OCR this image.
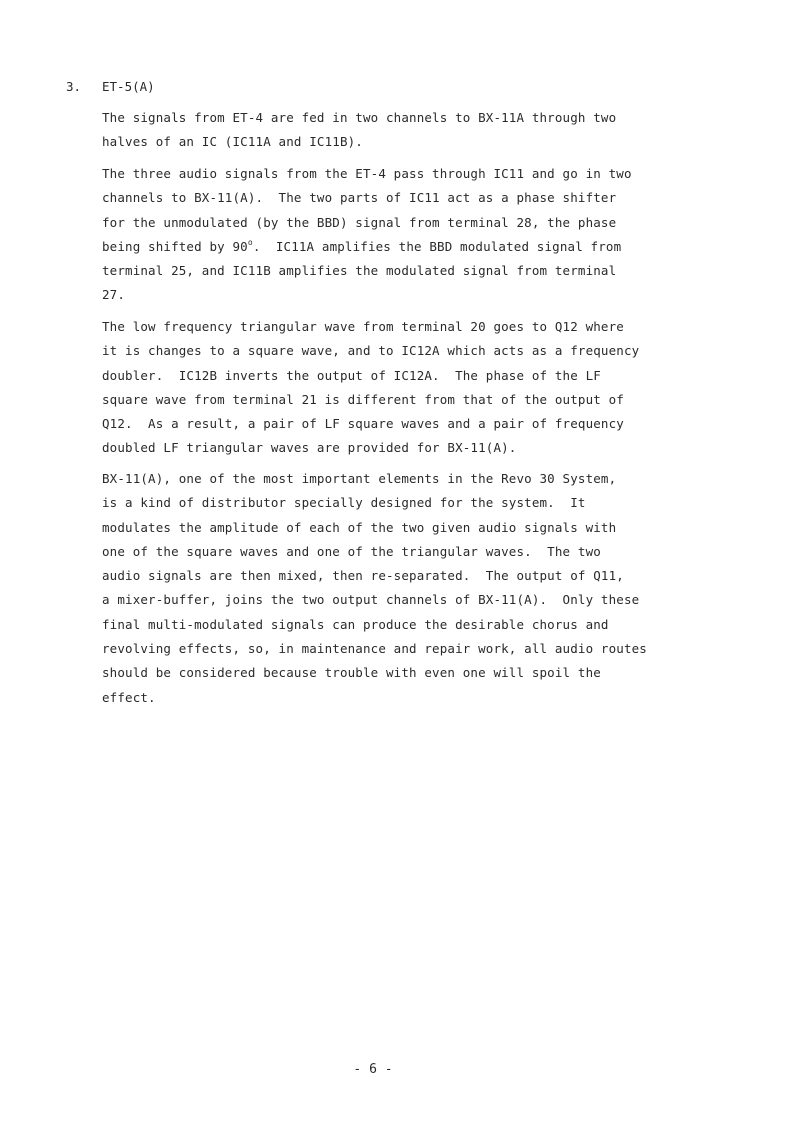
3. ET-5(A)
The signals from ET-4 are fed in two channels to BX-11A through two
halves of an IC (IC11A and IC11B).
The three audio signals from the ET-4 pass through IC11 and go in two
channels to BX-11(A).  The two parts of IC11 act as a phase shifter
for the unmodulated (by the BBD) signal from terminal 28, the phase
being shifted by 90$^o$.  IC11A amplifies the BBD modulated signal from
terminal 25, and IC11B amplifies the modulated signal from terminal
27.
The low frequency triangular wave from terminal 20 goes to Q12 where
it is changes to a square wave, and to IC12A which acts as a frequency
doubler.  IC12B inverts the output of IC12A.  The phase of the LF
square wave from terminal 21 is different from that of the output of
Q12.  As a result, a pair of LF square waves and a pair of frequency
doubled LF triangular waves are provided for BX-11(A).
BX-11(A), one of the most important elements in the Revo 30 System,
is a kind of distributor specially designed for the system.  It
modulates the amplitude of each of the two given audio signals with
one of the square waves and one of the triangular waves.  The two
audio signals are then mixed, then re-separated.  The output of Q11,
a mixer-buffer, joins the two output channels of BX-11(A).  Only these
final multi-modulated signals can produce the desirable chorus and
revolving effects, so, in maintenance and repair work, all audio routes
should be considered because trouble with even one will spoil the
effect.
- 6 -
